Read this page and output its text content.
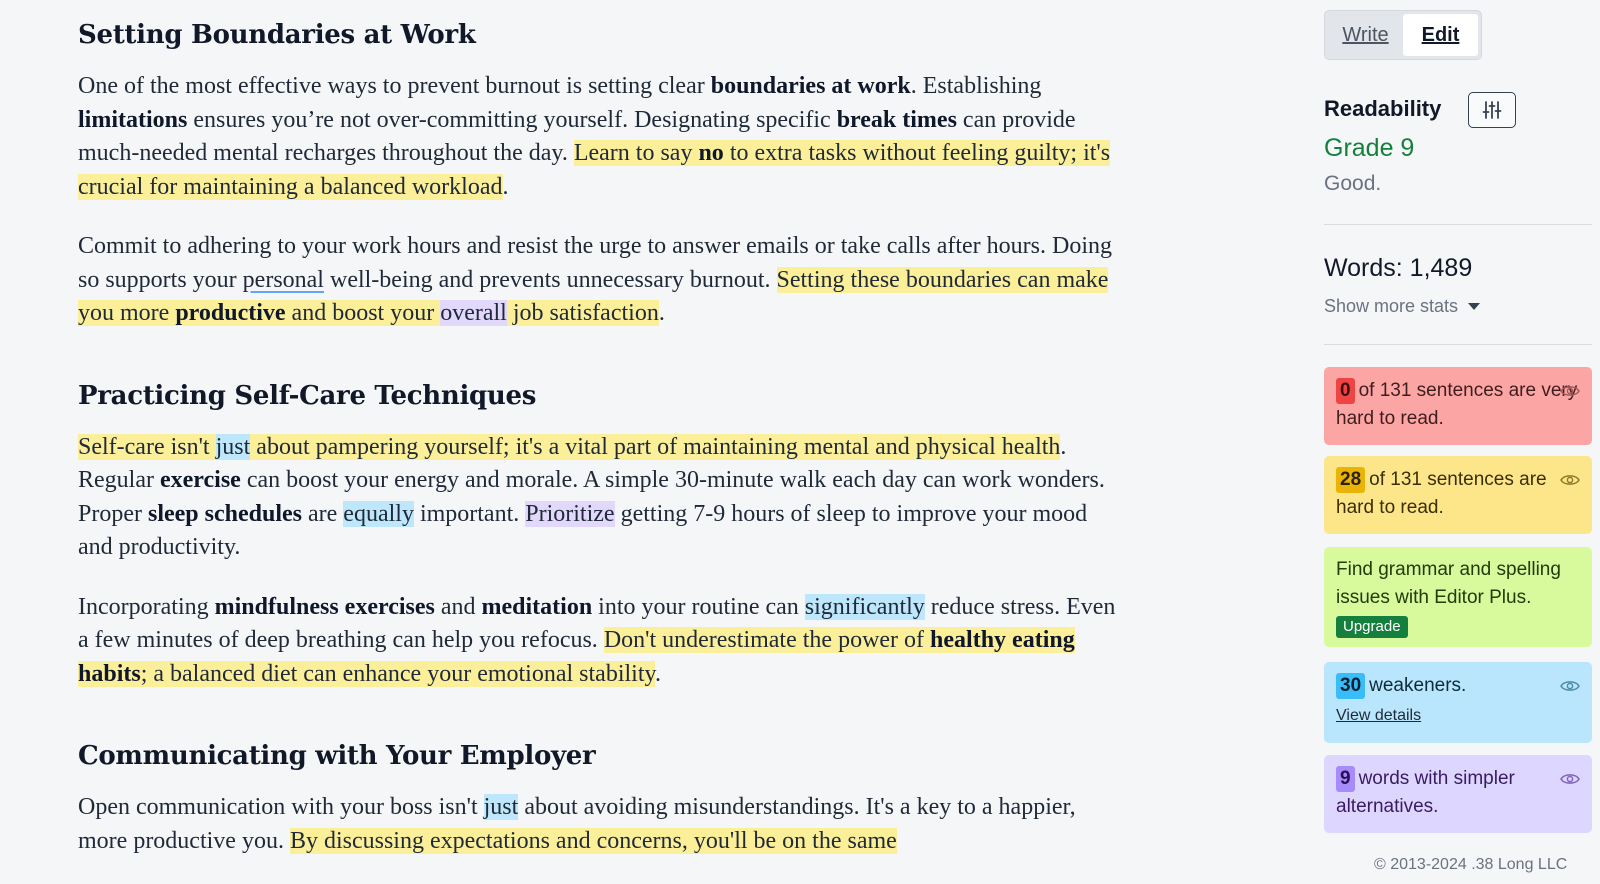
Setting Boundaries at Work

One of the most effective ways to prevent burnout is setting clear boundaries at work. Establishing limitations ensures you’re not over-committing yourself. Designating specific break times can provide much-needed mental recharges throughout the day. Learn to say no to extra tasks without feeling guilty; it's crucial for maintaining a balanced workload.

Commit to adhering to your work hours and resist the urge to answer emails or take calls after hours. Doing so supports your personal well-being and prevents unnecessary burnout. Setting these boundaries can make you more productive and boost your overall job satisfaction.

Practicing Self-Care Techniques

Self-care isn't just about pampering yourself; it's a vital part of maintaining mental and physical health. Regular exercise can boost your energy and morale. A simple 30-minute walk each day can work wonders. Proper sleep schedules are equally important. Prioritize getting 7-9 hours of sleep to improve your mood and productivity.

Incorporating mindfulness exercises and meditation into your routine can significantly reduce stress. Even a few minutes of deep breathing can help you refocus. Don't underestimate the power of healthy eating habits; a balanced diet can enhance your emotional stability.

Communicating with Your Employer

Open communication with your boss isn't just about avoiding misunderstandings. It's a key to a happier, more productive you. By discussing expectations and concerns, you'll be on the same

Write	Edit
Readability
Grade 9
Good.
Words: 1,489
Show more stats
0 of 131 sentences are very hard to read.
28 of 131 sentences are hard to read.
Find grammar and spelling issues with Editor Plus.
Upgrade
30 weakeners.
View details
9 words with simpler alternatives.
© 2013-2024 .38 Long LLC
